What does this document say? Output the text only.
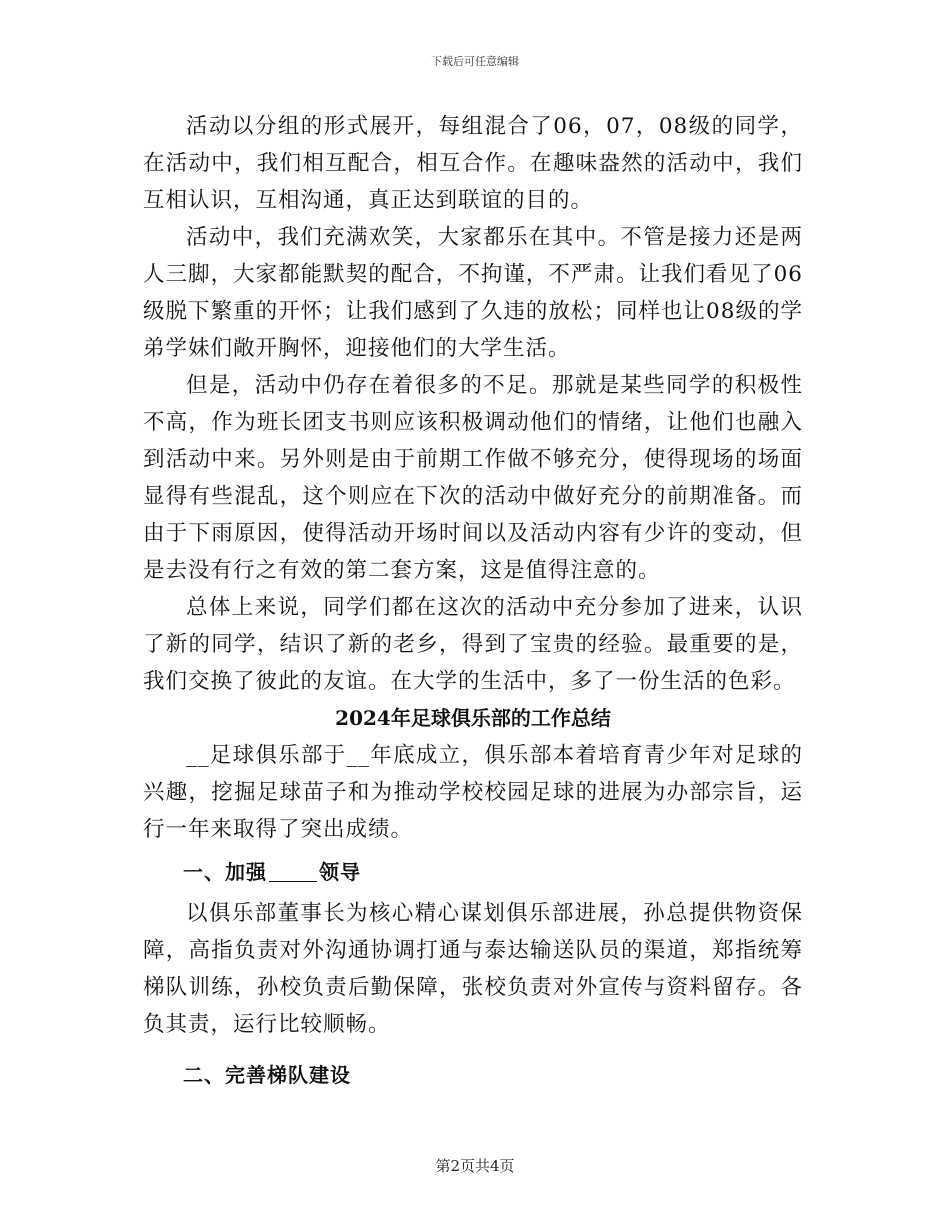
下载后可任意编辑

活动以分组的形式展开，每组混合了06，07，08级的同学，在活动中，我们相互配合，相互合作。在趣味盎然的活动中，我们互相认识，互相沟通，真正达到联谊的目的。

活动中，我们充满欢笑，大家都乐在其中。不管是接力还是两人三脚，大家都能默契的配合，不拘谨，不严肃。让我们看见了06级脱下繁重的开怀；让我们感到了久违的放松；同样也让08级的学弟学妹们敞开胸怀，迎接他们的大学生活。

但是，活动中仍存在着很多的不足。那就是某些同学的积极性不高，作为班长团支书则应该积极调动他们的情绪，让他们也融入到活动中来。另外则是由于前期工作做不够充分，使得现场的场面显得有些混乱，这个则应在下次的活动中做好充分的前期准备。而由于下雨原因，使得活动开场时间以及活动内容有少许的变动，但是去没有行之有效的第二套方案，这是值得注意的。

总体上来说，同学们都在这次的活动中充分参加了进来，认识了新的同学，结识了新的老乡，得到了宝贵的经验。最重要的是，我们交换了彼此的友谊。在大学的生活中，多了一份生活的色彩。

2024年足球俱乐部的工作总结

__足球俱乐部于__年底成立，俱乐部本着培育青少年对足球的兴趣，挖掘足球苗子和为推动学校校园足球的进展为办部宗旨，运行一年来取得了突出成绩。

一、加强	领导

以俱乐部董事长为核心精心谋划俱乐部进展，孙总提供物资保障，高指负责对外沟通协调打通与泰达输送队员的渠道，郑指统筹梯队训练，孙校负责后勤保障，张校负责对外宣传与资料留存。各负其责，运行比较顺畅。

二、完善梯队建设

第2页共4页
